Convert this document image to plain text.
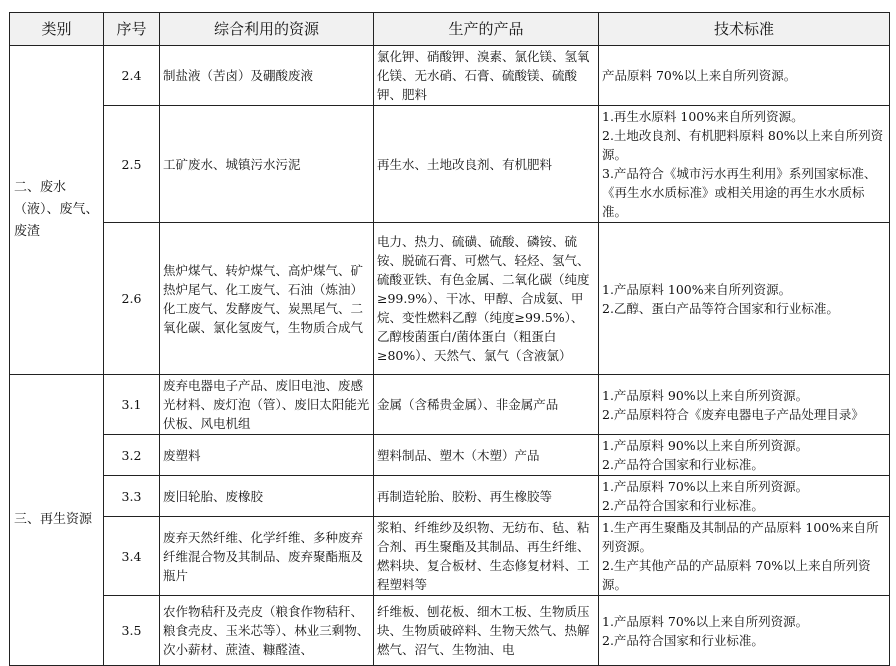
类别	序号	综合利用的资源	生产的产品	技术标准
二、废水（液）、废气、废渣	2.4	制盐液（苦卤）及硼酸废液	氯化钾、硝酸钾、溴素、氯化镁、氢氧化镁、无水硝、石膏、硫酸镁、硫酸钾、肥料	产品原料 70%以上来自所列资源。

	2.5	工矿废水、城镇污水污泥	再生水、土地改良剂、有机肥料	1.再生水原料 100%来自所列资源。
2.土地改良剂、有机肥料原料 80%以上来自所列资源。
3.产品符合《城市污水再生利用》系列国家标准、《再生水水质标准》或相关用途的再生水水质标准。

	2.6	焦炉煤气、转炉煤气、高炉煤气、矿热炉尾气、化工废气、石油（炼油）化工废气、发酵废气、炭黑尾气、二氧化碳、氯化氢废气，生物质合成气	电力、热力、硫磺、硫酸、磷铵、硫铵、脱硫石膏、可燃气、轻烃、氢气、硫酸亚铁、有色金属、二氧化碳（纯度≥99.9%）、干冰、甲醇、合成氨、甲烷、变性燃料乙醇（纯度≥99.5%）、乙醇梭菌蛋白/菌体蛋白（粗蛋白≥80%）、天然气、氯气（含液氯）	1.产品原料 100%来自所列资源。
2.乙醇、蛋白产品等符合国家和行业标准。

三、再生资源	3.1	废弃电器电子产品、废旧电池、废感光材料、废灯泡（管）、废旧太阳能光伏板、风电机组	金属（含稀贵金属）、非金属产品	1.产品原料 90%以上来自所列资源。
2.产品原料符合《废弃电器电子产品处理目录》

	3.2	废塑料	塑料制品、塑木（木塑）产品	1.产品原料 90%以上来自所列资源。
2.产品符合国家和行业标准。

	3.3	废旧轮胎、废橡胶	再制造轮胎、胶粉、再生橡胶等	1.产品原料 70%以上来自所列资源。
2.产品符合国家和行业标准。

	3.4	废弃天然纤维、化学纤维、多种废弃纤维混合物及其制品、废弃聚酯瓶及瓶片	浆粕、纤维纱及织物、无纺布、毡、粘合剂、再生聚酯及其制品、再生纤维、燃料块、复合板材、生态修复材料、工程塑料等	1.生产再生聚酯及其制品的产品原料 100%来自所列资源。
2.生产其他产品的产品原料 70%以上来自所列资源。

	3.5	农作物秸秆及壳皮（粮食作物秸秆、粮食壳皮、玉米芯等）、林业三剩物、次小薪材、蔗渣、糠醛渣、	纤维板、刨花板、细木工板、生物质压块、生物质破碎料、生物天然气、热解燃气、沼气、生物油、电	1.产品原料 70%以上来自所列资源。
2.产品符合国家和行业标准。
